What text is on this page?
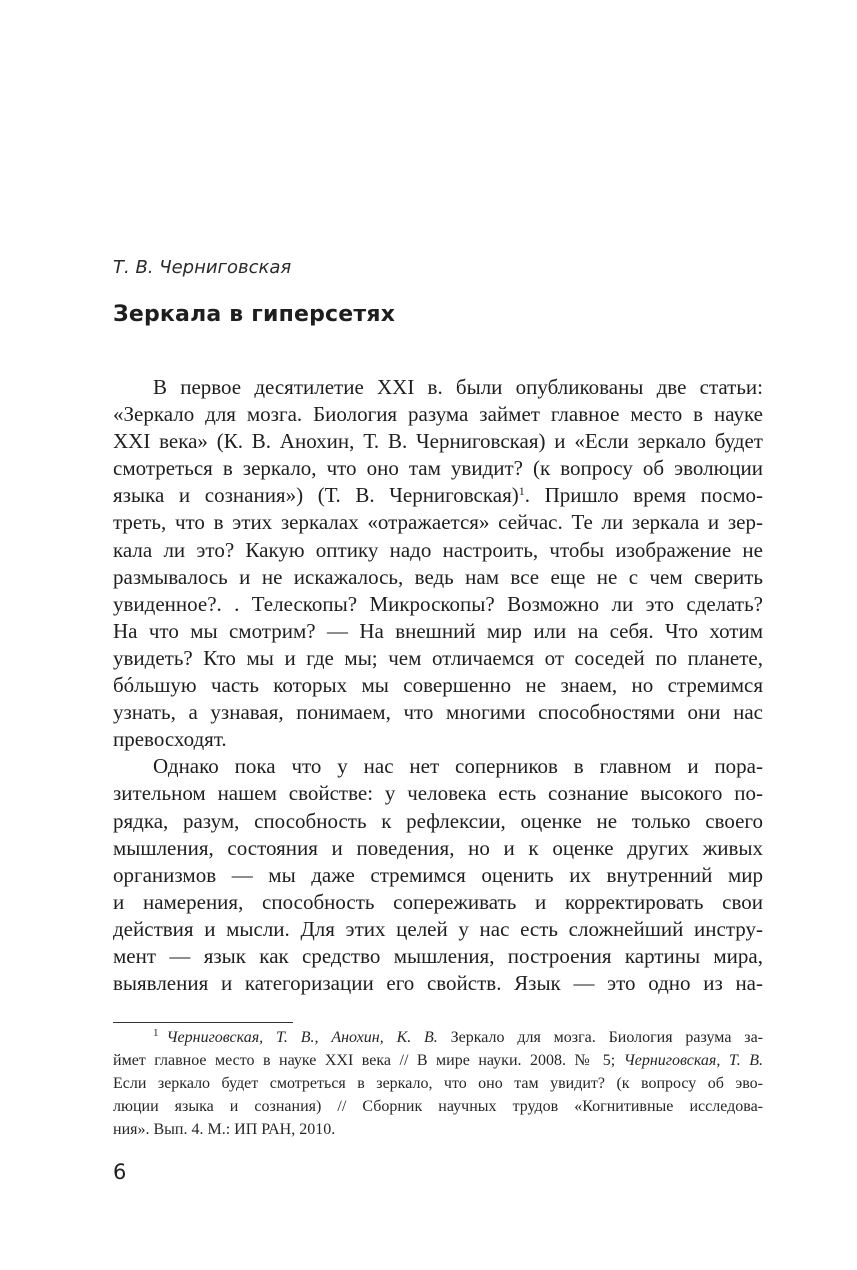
Т. В. Черниговская
Зеркала в гиперсетях
В первое десятилетие XXI в. были опубликованы две статьи:
«Зеркало для мозга. Биология разума займет главное место в науке
XXI века» (К. В. Анохин, Т. В. Черниговская) и «Если зеркало будет
смотреться в зеркало, что оно там увидит? (к вопросу об эволюции
языка и сознания») (Т. В. Черниговская)$^1$. Пришло время посмо-
треть, что в этих зеркалах «отражается» сейчас. Те ли зеркала и зер-
кала ли это? Какую оптику надо настроить, чтобы изображение не
размывалось и не искажалось, ведь нам все еще не с чем сверить
увиденное?. . Телескопы? Микроскопы? Возможно ли это сделать?
На что мы смотрим? — На внешний мир или на себя. Что хотим
увидеть? Кто мы и где мы; чем отличаемся от соседей по планете,
бóльшую часть которых мы совершенно не знаем, но стремимся
узнать, а узнавая, понимаем, что многими способностями они нас
превосходят.
Однако пока что у нас нет соперников в главном и пора-
зительном нашем свойстве: у человека есть сознание высокого по-
рядка, разум, способность к рефлексии, оценке не только своего
мышления, состояния и поведения, но и к оценке других живых
организмов — мы даже стремимся оценить их внутренний мир
и намерения, способность сопереживать и корректировать свои
действия и мысли. Для этих целей у нас есть сложнейший инстру-
мент — язык как средство мышления, построения картины мира,
выявления и категоризации его свойств. Язык — это одно из на-
$^1$ Черниговская, Т. В., Анохин, К. В. Зеркало для мозга. Биология разума за-
ймет главное место в науке XXI века // В мире науки. 2008. № 5; Черниговская, Т. В.
Если зеркало будет смотреться в зеркало, что оно там увидит? (к вопросу об эво-
люции языка и сознания) // Сборник научных трудов «Когнитивные исследова-
ния». Вып. 4. М.: ИП РАН, 2010.
6
